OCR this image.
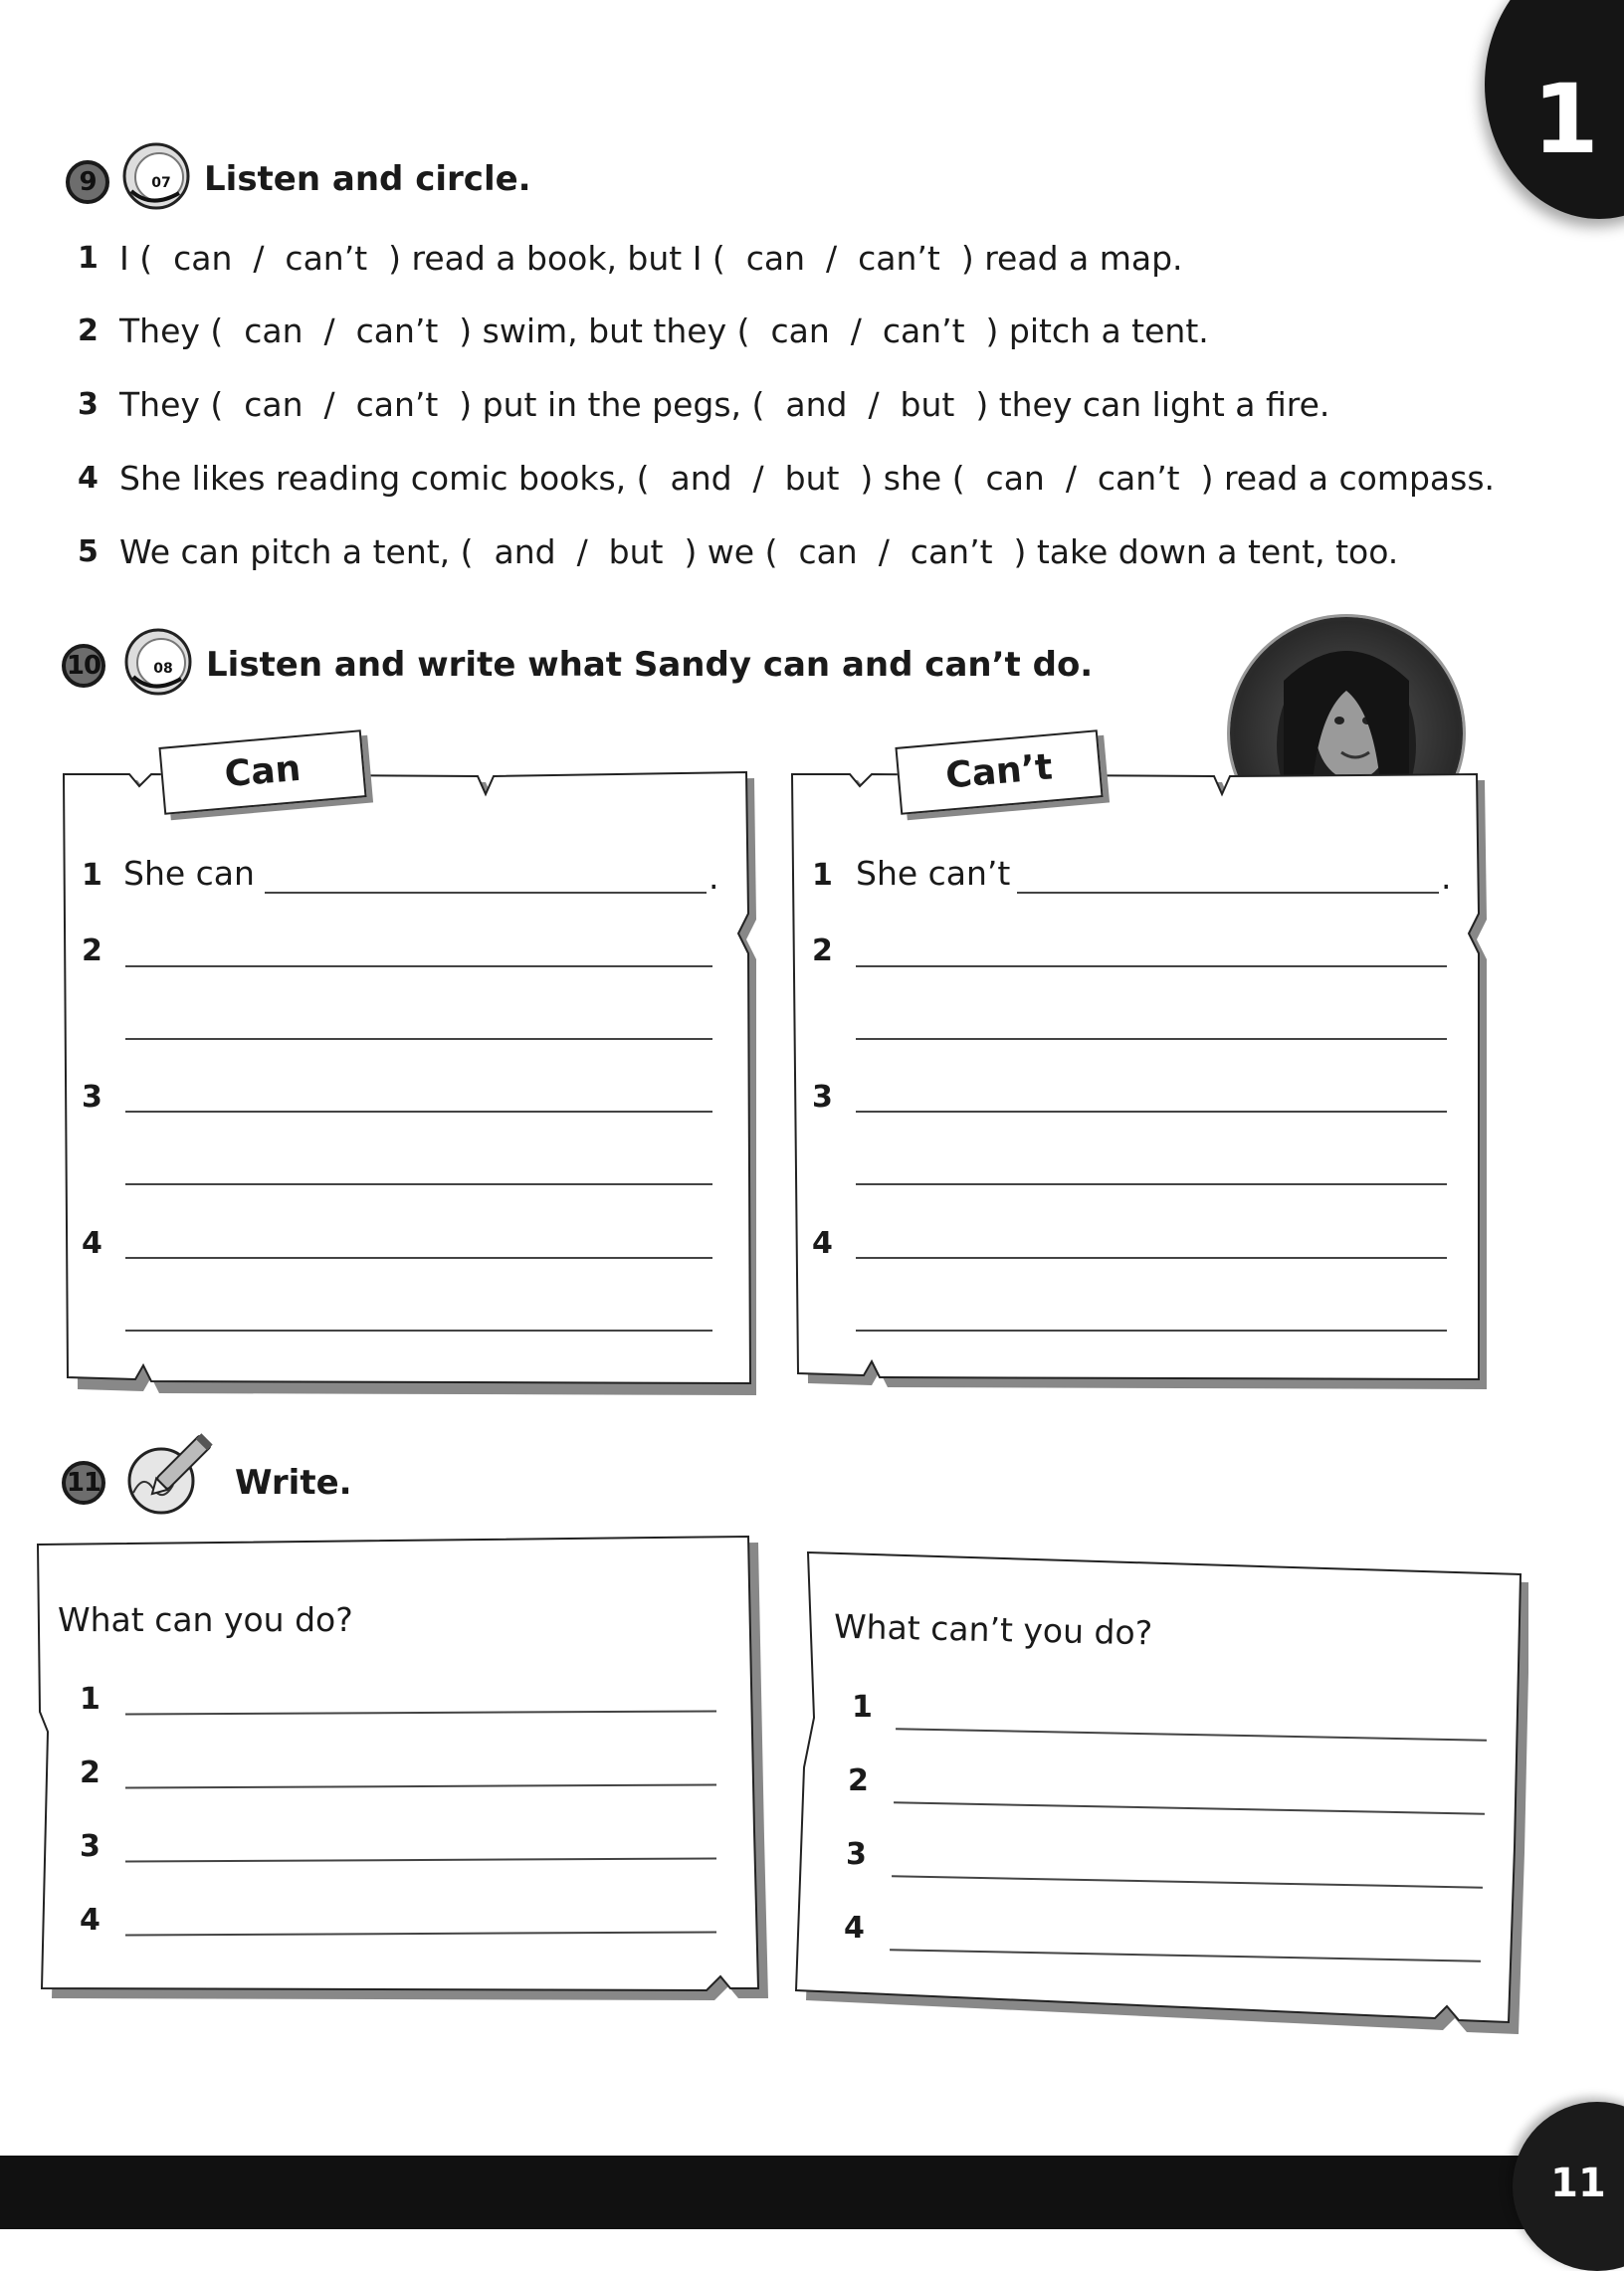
1
9	07 Listen and circle.
1 I (  can  /  can’t  ) read a book, but I (  can  /  can’t  ) read a map.
2 They (  can  /  can’t  ) swim, but they (  can  /  can’t  ) pitch a tent.
3 They (  can  /  can’t  ) put in the pegs, (  and  /  but  ) they can light a fire.
4 She likes reading comic books, (  and  /  but  ) she (  can  /  can’t  ) read a compass.
5 We can pitch a tent, (  and  /  but  ) we (  can  /  can’t  ) take down a tent, too.
10	08 Listen and write what Sandy can and can’t do.
Can
1 She can	.
2
3
4
Can’t
1 She can’t	.
2
3
4
11	Write.
What can you do?
1
2
3
4
What can’t you do?
1
2
3
4
11
